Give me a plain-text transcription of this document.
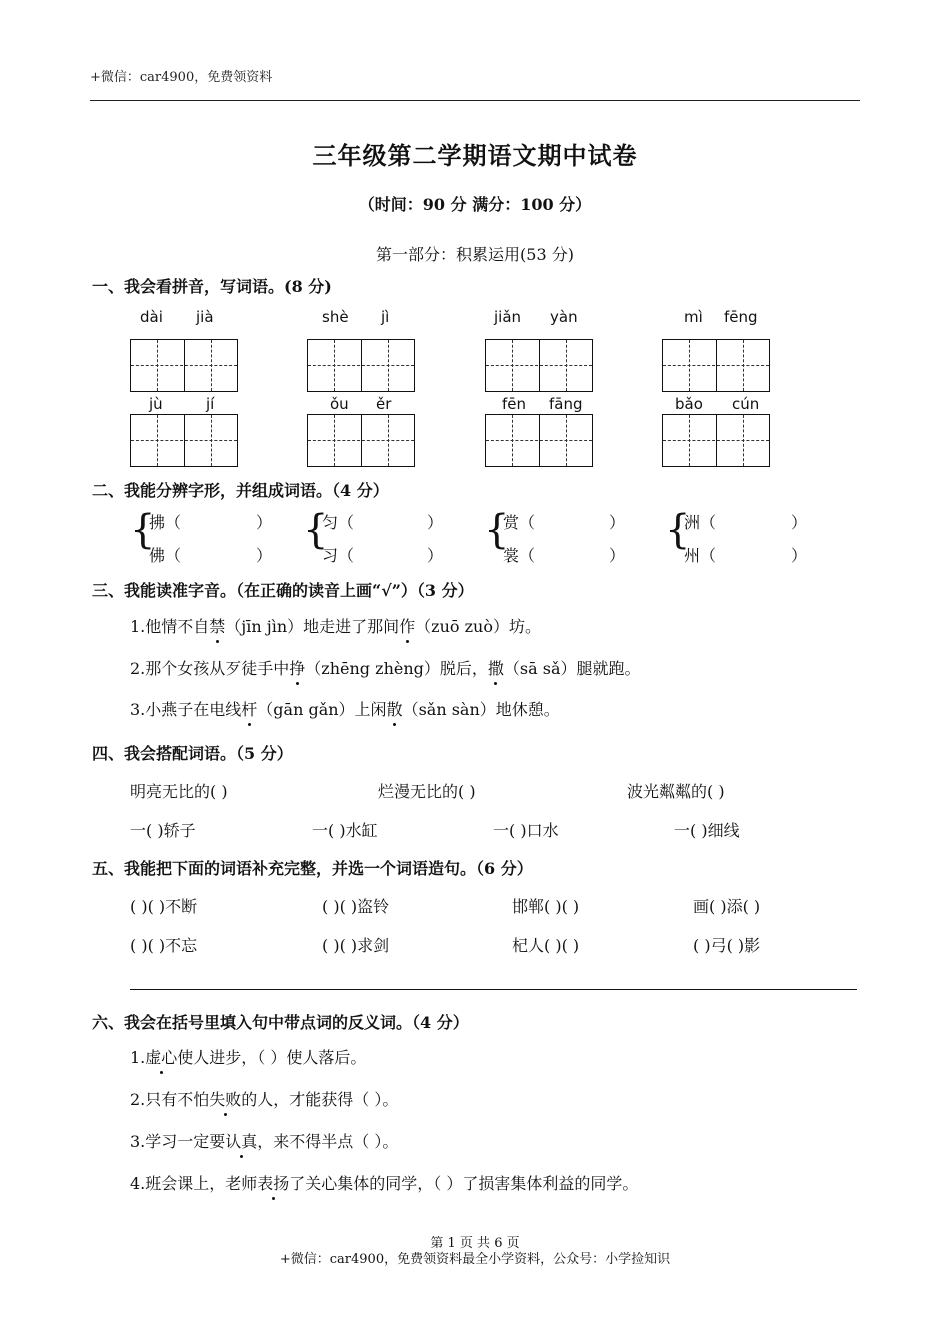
+微信：car4900，免费领资料
三年级第二学期语文期中试卷
（时间：90 分 满分：100 分）
第一部分：积累运用(53 分)
一、我会看拼音，写词语。(8 分)
dài jià	shè jì	jiǎn yàn	mì fēng
jù	jí	ǒu ěr	fēn fāng	bǎo cún
二、我能分辨字形，并组成词语。（4 分）
{
拂（	）
佛（	）
{
匀（	）
习（	）
{
赏（	）
裳（	）
{
洲（	）
州（	）
三、我能读准字音。（在正确的读音上画“√”）（3 分）
1.他情不自禁（jīn jìn）地走进了那间作（zuō zuò）坊。
2.那个女孩从歹徒手中挣（zhēng zhèng）脱后，撒（sā sǎ）腿就跑。
3.小燕子在电线杆（gān gǎn）上闲散（sǎn sàn）地休憩。
四、我会搭配词语。（5 分）
明亮无比的( )	烂漫无比的( )	波光粼粼的( )
一( )轿子	一( )水缸	一( )口水	一( )细线
五、我能把下面的词语补充完整，并选一个词语造句。（6 分）
( )( )不断	( )( )盗铃	邯郸( )( )	画( )添( )
( )( )不忘	( )( )求剑	杞人( )( )	( )弓( )影
六、我会在括号里填入句中带点词的反义词。（4 分）
1.虚心使人进步，（ ）使人落后。
2.只有不怕失败的人，才能获得（ ）。
3.学习一定要认真，来不得半点（ ）。
4.班会课上，老师表扬了关心集体的同学，（ ）了损害集体利益的同学。
第 1 页 共 6 页
+微信：car4900，免费领资料最全小学资料，公众号：小学捡知识
